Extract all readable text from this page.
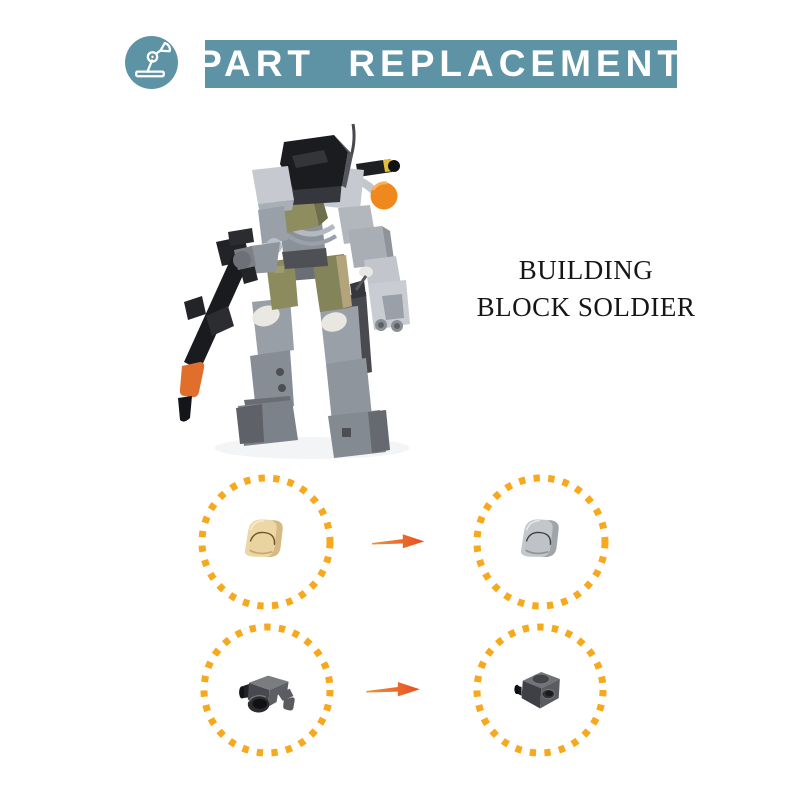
PART REPLACEMENT
BUILDING
BLOCK SOLDIER
